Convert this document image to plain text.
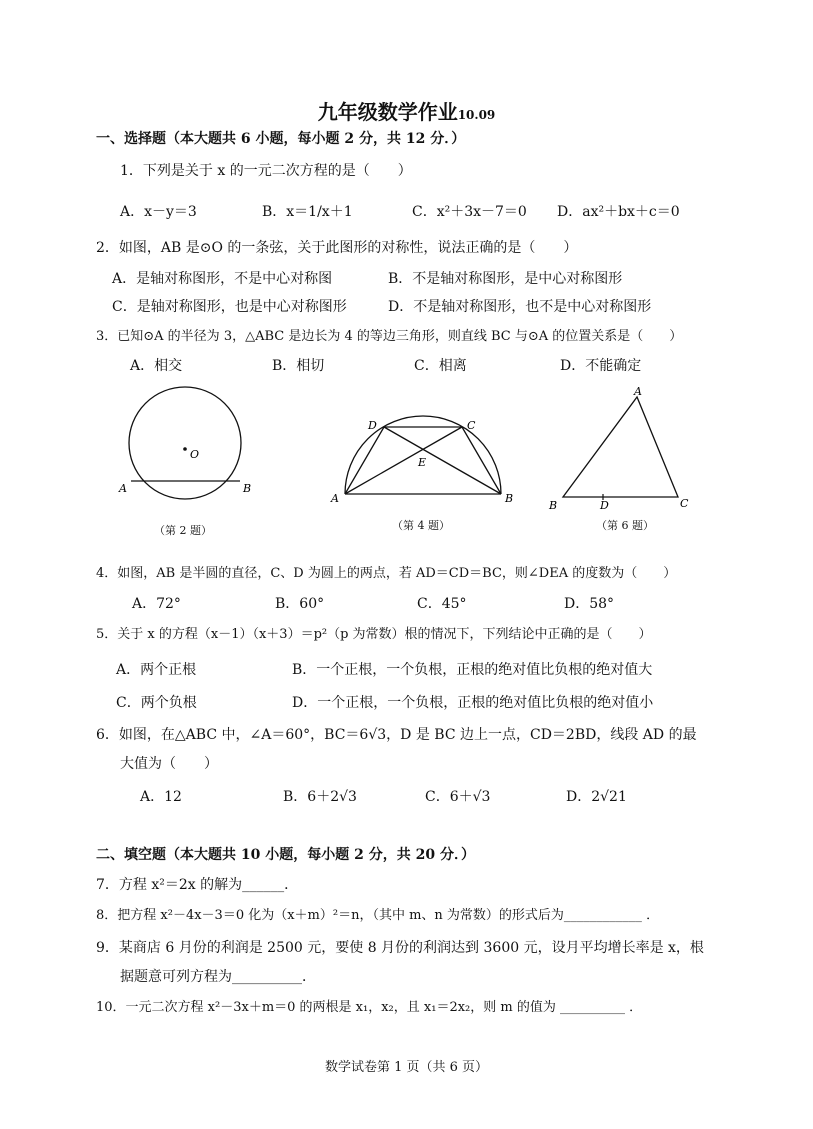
九年级数学作业10.09
一、选择题（本大题共 6 小题，每小题 2 分，共 12 分．）
1．下列是关于 x 的一元二次方程的是（　　）
A．x－y＝3	B．x＝1/x＋1	C．x²＋3x－7＝0 D．ax²＋bx＋c＝0
2．如图，AB 是⊙O 的一条弦，关于此图形的对称性，说法正确的是（　　）
A．是轴对称图形，不是中心对称图	B．不是轴对称图形，是中心对称图形
C．是轴对称图形，也是中心对称图形	D．不是轴对称图形，也不是中心对称图形
3．已知⊙A 的半径为 3，△ABC 是边长为 4 的等边三角形，则直线 BC 与⊙A 的位置关系是（　　）
A．相交	B．相切	C．相离	D．不能确定
A	B
O
（第 2 题）
A	B
C
D
E
（第 4 题）
A
B	C
D
（第 6 题）
4．如图，AB 是半圆的直径，C、D 为圆上的两点，若 AD＝CD＝BC，则∠DEA 的度数为（　　）
A．72°	B．60°	C．45°	D．58°
5．关于 x 的方程（x－1）（x＋3）＝p²（p 为常数）根的情况下，下列结论中正确的是（　　）
A．两个正根	B．一个正根，一个负根，正根的绝对值比负根的绝对值大
C．两个负根	D．一个正根，一个负根，正根的绝对值比负根的绝对值小
6．如图，在△ABC 中，∠A＝60°，BC＝6√3，D 是 BC 边上一点，CD＝2BD，线段 AD 的最
大值为（　　）
A．12	B．6＋2√3	C．6＋√3	D．2√21
二、填空题（本大题共 10 小题，每小题 2 分，共 20 分．）
7．方程 x²＝2x 的解为______．
8．把方程 x²－4x－3＝0 化为（x＋m）²＝n，（其中 m、n 为常数）的形式后为____________ ．
9．某商店 6 月份的利润是 2500 元，要使 8 月份的利润达到 3600 元，设月平均增长率是 x，根
据题意可列方程为__________．
10．一元二次方程 x²－3x＋m＝0 的两根是 x₁，x₂，且 x₁＝2x₂，则 m 的值为 __________ ．
数学试卷第 1 页（共 6 页）
